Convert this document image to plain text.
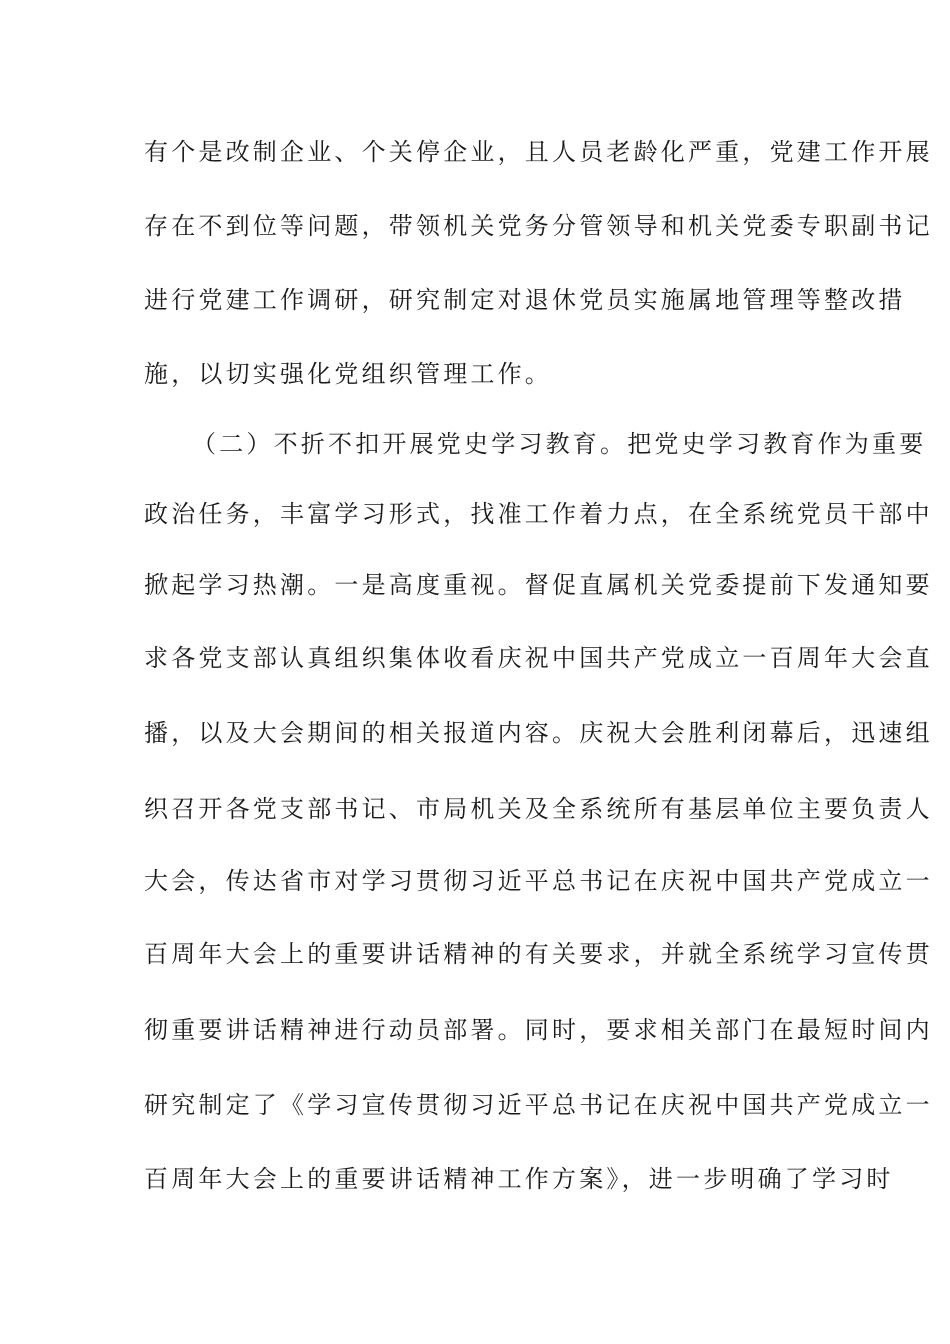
有个是改制企业、个关停企业，且人员老龄化严重，党建工作开展
存在不到位等问题，带领机关党务分管领导和机关党委专职副书记
进行党建工作调研，研究制定对退休党员实施属地管理等整改措
施，以切实强化党组织管理工作。
（二）不折不扣开展党史学习教育。把党史学习教育作为重要
政治任务，丰富学习形式，找准工作着力点，在全系统党员干部中
掀起学习热潮。一是高度重视。督促直属机关党委提前下发通知要
求各党支部认真组织集体收看庆祝中国共产党成立一百周年大会直
播，以及大会期间的相关报道内容。庆祝大会胜利闭幕后，迅速组
织召开各党支部书记、市局机关及全系统所有基层单位主要负责人
大会，传达省市对学习贯彻习近平总书记在庆祝中国共产党成立一
百周年大会上的重要讲话精神的有关要求，并就全系统学习宣传贯
彻重要讲话精神进行动员部署。同时，要求相关部门在最短时间内
研究制定了《学习宣传贯彻习近平总书记在庆祝中国共产党成立一
百周年大会上的重要讲话精神工作方案》，进一步明确了学习时
